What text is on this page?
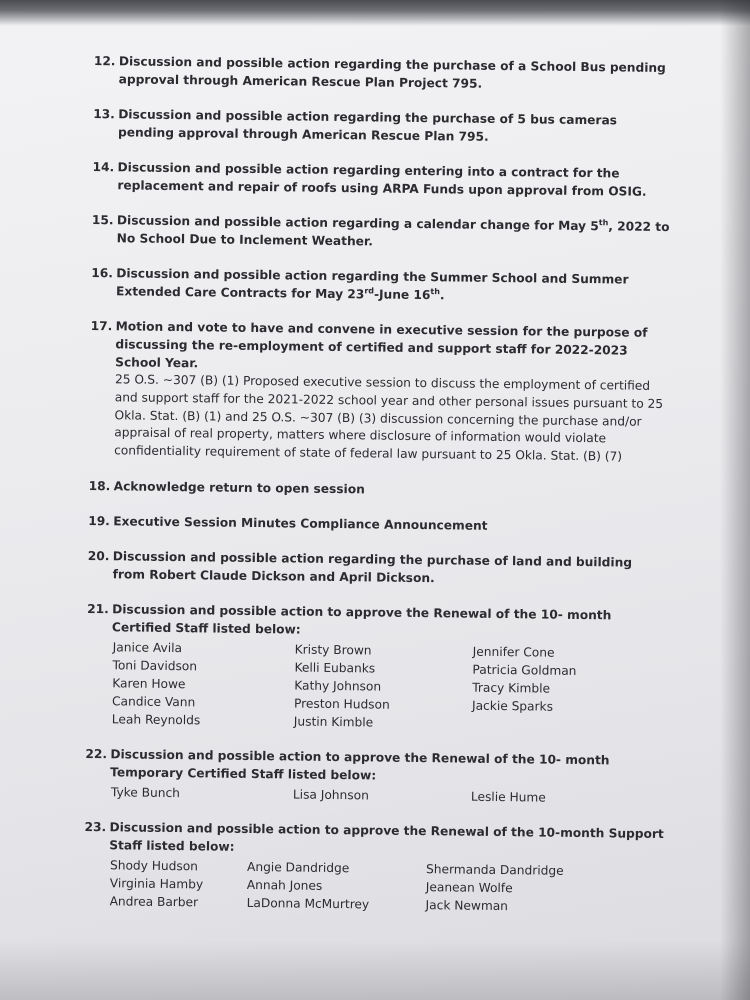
12. Discussion and possible action regarding the purchase of a School Bus pending approval through American Rescue Plan Project 795.
13. Discussion and possible action regarding the purchase of 5 bus cameras pending approval through American Rescue Plan 795.
14. Discussion and possible action regarding entering into a contract for the replacement and repair of roofs using ARPA Funds upon approval from OSIG.
15. Discussion and possible action regarding a calendar change for May 5th, 2022 to No School Due to Inclement Weather.
16. Discussion and possible action regarding the Summer School and Summer Extended Care Contracts for May 23rd-June 16th.
17. Motion and vote to have and convene in executive session for the purpose of discussing the re-employment of certified and support staff for 2022-2023 School Year.
25 O.S. ~307 (B) (1) Proposed executive session to discuss the employment of certified and support staff for the 2021-2022 school year and other personal issues pursuant to 25 Okla. Stat. (B) (1) and 25 O.S. ~307 (B) (3) discussion concerning the purchase and/or appraisal of real property, matters where disclosure of information would violate confidentiality requirement of state of federal law pursuant to 25 Okla. Stat. (B) (7)
18. Acknowledge return to open session
19. Executive Session Minutes Compliance Announcement
20. Discussion and possible action regarding the purchase of land and building from Robert Claude Dickson and April Dickson.
21. Discussion and possible action to approve the Renewal of the 10- month Certified Staff listed below:
Janice Avila	Kristy Brown	Jennifer Cone
Toni Davidson	Kelli Eubanks	Patricia Goldman
Karen Howe	Kathy Johnson	Tracy Kimble
Candice Vann	Preston Hudson	Jackie Sparks
Leah Reynolds	Justin Kimble
22. Discussion and possible action to approve the Renewal of the 10- month Temporary Certified Staff listed below:
Tyke Bunch	Lisa Johnson	Leslie Hume
23. Discussion and possible action to approve the Renewal of the 10-month Support Staff listed below:
Shody Hudson	Angie Dandridge	Shermanda Dandridge
Virginia Hamby	Annah Jones	Jeanean Wolfe
Andrea Barber	LaDonna McMurtrey	Jack Newman
